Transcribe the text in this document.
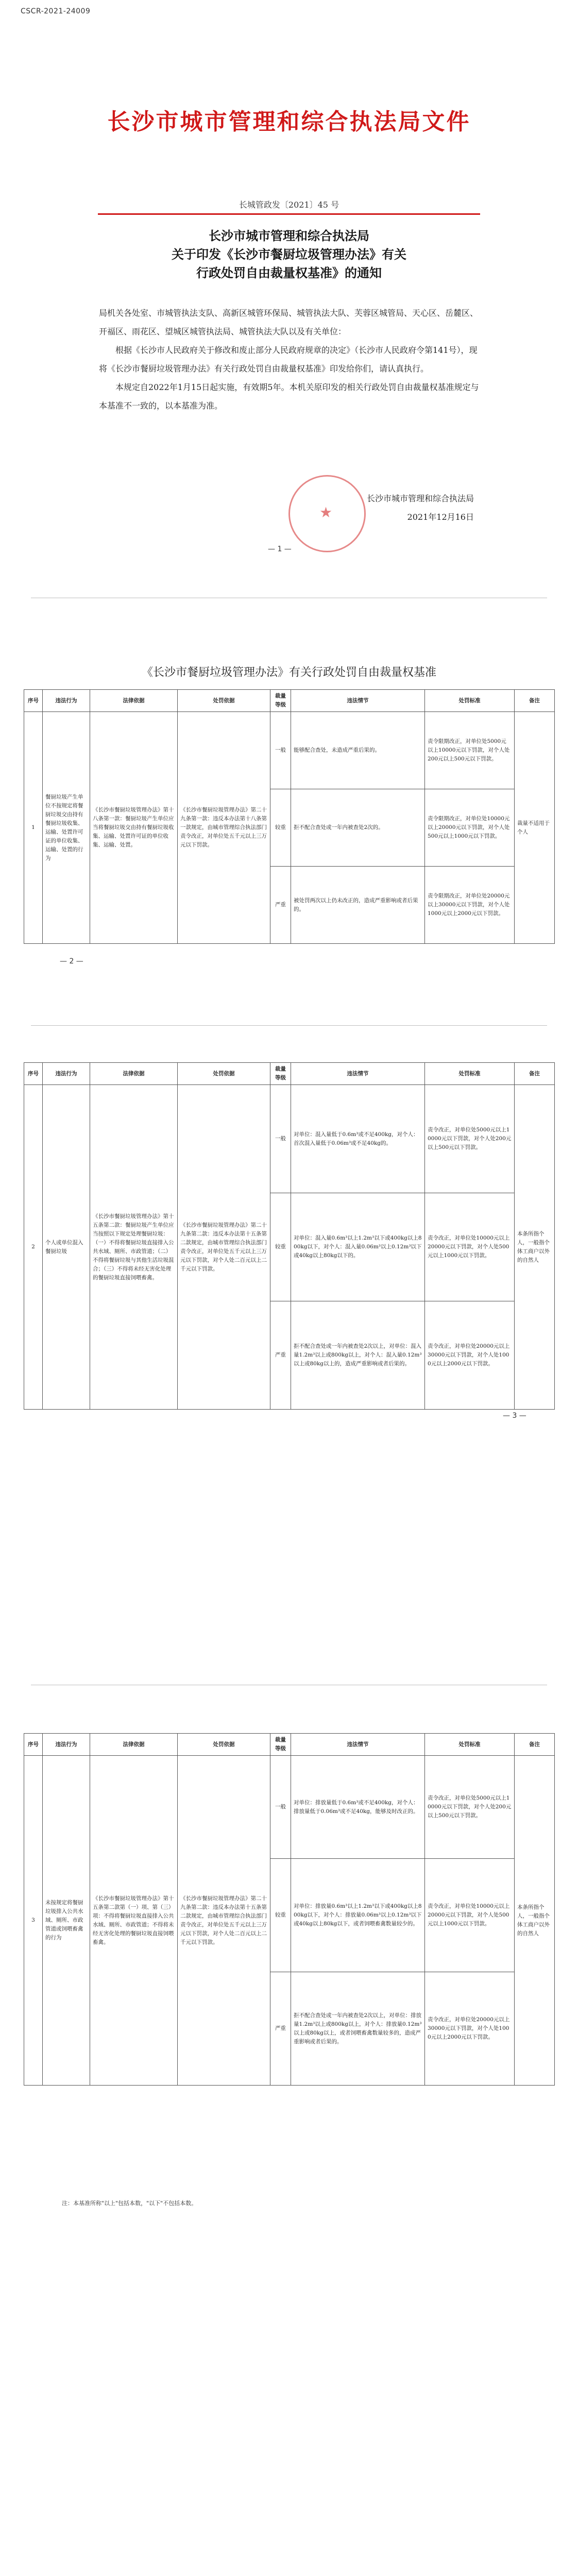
CSCR-2021-24009
长沙市城市管理和综合执法局文件
长城管政发〔2021〕45 号
长沙市城市管理和综合执法局
关于印发《长沙市餐厨垃圾管理办法》有关
行政处罚自由裁量权基准》的通知

局机关各处室、市城管执法支队、高新区城管环保局、城管执法大队、芙蓉区城管局、天心区、岳麓区、开福区、雨花区、望城区城管执法局、城管执法大队以及有关单位：

根据《长沙市人民政府关于修改和废止部分人民政府规章的决定》（长沙市人民政府令第141号），现将《长沙市餐厨垃圾管理办法》有关行政处罚自由裁量权基准》印发给你们，请认真执行。

本规定自2022年1月15日起实施，有效期5年。本机关原印发的相关行政处罚自由裁量权基准规定与本基准不一致的，以本基准为准。

★
长沙市城市管理和综合执法局
2021年12月16日
— 1 —
《长沙市餐厨垃圾管理办法》有关行政处罚自由裁量权基准
序号	违法行为	法律依据	处罚依据	裁量等级	违法情节	处罚标准	备注
1	餐厨垃圾产生单位不按规定将餐厨垃圾交由持有餐厨垃圾收集、运输、处置许可证的单位收集、运输、处置的行为	《长沙市餐厨垃圾管理办法》第十八条第一款：餐厨垃圾产生单位应当将餐厨垃圾交由持有餐厨垃圾收集、运输、处置许可证的单位收集、运输、处置。	《长沙市餐厨垃圾管理办法》第二十九条第一款：违反本办法第十八条第一款规定，由城市管理综合执法部门责令改正，对单位处五千元以上三万元以下罚款。	一般	能够配合查处，未造成严重后果的。	责令限期改正，对单位处5000元以上10000元以下罚款，对个人处200元以上500元以下罚款。	裁量不适用于个人
				较重	拒不配合查处或一年内被查处2次的。	责令限期改正，对单位处10000元以上20000元以下罚款，对个人处500元以上1000元以下罚款。	
				严重	被处罚两次以上仍未改正的，造成严重影响或者后果的。	责令限期改正，对单位处20000元以上30000元以下罚款，对个人处1000元以上2000元以下罚款。	
— 2 —
序号	违法行为	法律依据	处罚依据	裁量等级	违法情节	处罚标准	备注
2	个人或单位混入餐厨垃圾	《长沙市餐厨垃圾管理办法》第十五条第二款：餐厨垃圾产生单位应当按照以下规定处理餐厨垃圾：（一）不得将餐厨垃圾直接排入公共水域、厕所、市政管道；（二）不得将餐厨垃圾与其他生活垃圾混合；（三）不得将未经无害化处理的餐厨垃圾直接饲喂畜禽。	《长沙市餐厨垃圾管理办法》第二十九条第二款：违反本办法第十五条第二款规定，由城市管理综合执法部门责令改正，对单位处五千元以上三万元以下罚款，对个人处二百元以上二千元以下罚款。	一般	对单位：混入量低于0.6m³或不足400kg，对个人：首次混入量低于0.06m³或不足40kg的。	责令改正，对单位处5000元以上10000元以下罚款，对个人处200元以上500元以下罚款。	本条所指个人，一般指个体工商户以外的自然人
				较重	对单位：混入量0.6m³以上1.2m³以下或400kg以上800kg以下，对个人：混入量0.06m³以上0.12m³以下或40kg以上80kg以下的。	责令改正，对单位处10000元以上20000元以下罚款，对个人处500元以上1000元以下罚款。	
				严重	拒不配合查处或一年内被查处2次以上，对单位：混入量1.2m³以上或800kg以上，对个人：混入量0.12m³以上或80kg以上的，造成严重影响或者后果的。	责令改正，对单位处20000元以上30000元以下罚款，对个人处1000元以上2000元以下罚款。	
— 3 —
序号	违法行为	法律依据	处罚依据	裁量等级	违法情节	处罚标准	备注
3	未按规定将餐厨垃圾排入公共水域、厕所、市政管道或饲喂畜禽的行为	《长沙市餐厨垃圾管理办法》第十五条第二款第（一）项、第（三）项：不得将餐厨垃圾直接排入公共水域、厕所、市政管道；不得将未经无害化处理的餐厨垃圾直接饲喂畜禽。	《长沙市餐厨垃圾管理办法》第二十九条第二款：违反本办法第十五条第二款规定，由城市管理综合执法部门责令改正，对单位处五千元以上三万元以下罚款，对个人处二百元以上二千元以下罚款。	一般	对单位：排放量低于0.6m³或不足400kg，对个人：排放量低于0.06m³或不足40kg，能够及时改正的。	责令改正，对单位处5000元以上10000元以下罚款，对个人处200元以上500元以下罚款。	本条所指个人，一般指个体工商户以外的自然人
				较重	对单位：排放量0.6m³以上1.2m³以下或400kg以上800kg以下，对个人：排放量0.06m³以上0.12m³以下或40kg以上80kg以下，或者饲喂畜禽数量较少的。	责令改正，对单位处10000元以上20000元以下罚款，对个人处500元以上1000元以下罚款。	
				严重	拒不配合查处或一年内被查处2次以上，对单位：排放量1.2m³以上或800kg以上，对个人：排放量0.12m³以上或80kg以上，或者饲喂畜禽数量较多的，造成严重影响或者后果的。	责令改正，对单位处20000元以上30000元以下罚款，对个人处1000元以上2000元以下罚款。	
注：本基准所称"以上"包括本数，"以下"不包括本数。
